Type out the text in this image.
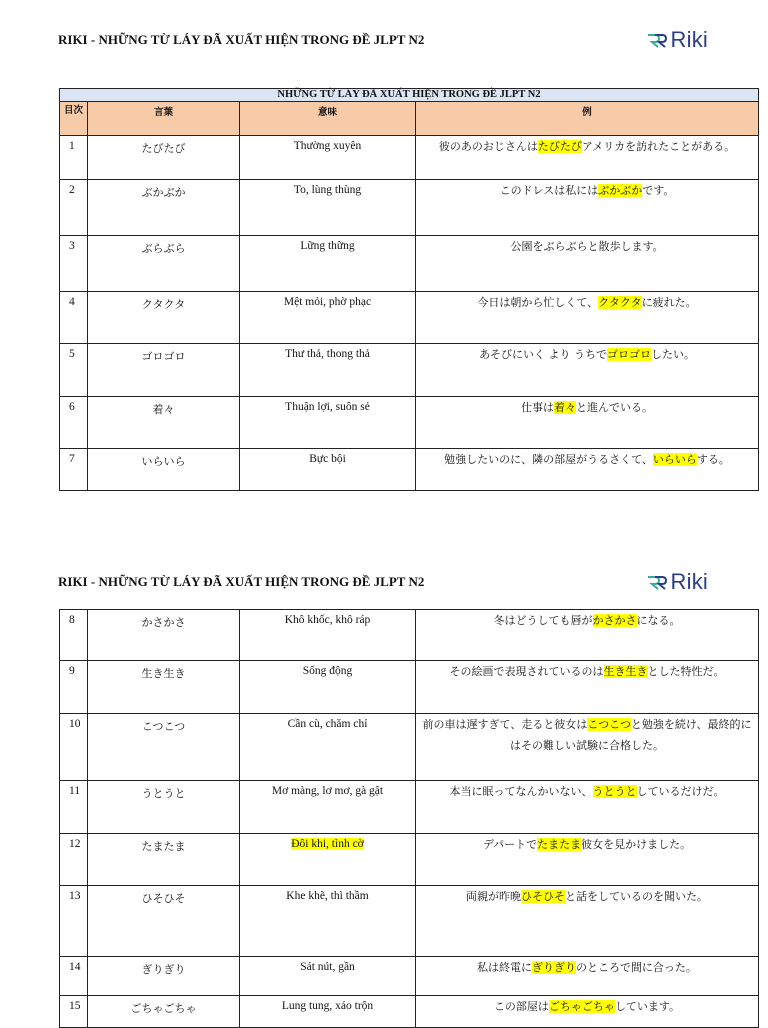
RIKI - NHỮNG TỪ LÁY ĐÃ XUẤT HIỆN TRONG ĐỀ JLPT N2	Riki
NHỮNG TỪ LÁY ĐÃ XUẤT HIỆN TRONG ĐỀ JLPT N2			
目次	言葉	意味	例
1	たびたび	Thường xuyên	彼のあのおじさんはたびたびアメリカを訪れたことがある。

2	ぶかぶか	To, lùng thùng	このドレスは私にはぶかぶかです。

3	ぶらぶら	Lững thững	公園をぶらぶらと散歩します。

4	クタクタ	Mệt mỏi, phờ phạc	今日は朝から忙しくて、クタクタに疲れた。

5	ゴロゴロ	Thư thả, thong thả	あそびにいく より うちでゴロゴロしたい。

6	着々	Thuận lợi, suôn sẻ	仕事は着々と進んでいる。

7	いらいら	Bực bội	勉強したいのに、隣の部屋がうるさくて、いらいらする。
RIKI - NHỮNG TỪ LÁY ĐÃ XUẤT HIỆN TRONG ĐỀ JLPT N2	Riki
8	かさかさ	Khô khốc, khô ráp	冬はどうしても唇がかさかさになる。

9	生き生き	Sống động	その絵画で表現されているのは生き生きとした特性だ。

10	こつこつ	Cần cù, chăm chỉ	前の車は遅すぎて、走ると彼女はこつこつと勉強を続け、最終的にはその難しい試験に合格した。

11	うとうと	Mơ màng, lơ mơ, gà gật	本当に眠ってなんかいない、うとうとしているだけだ。

12	たまたま	Đôi khi, tình cờ	デパートでたまたま彼女を見かけました。

13	ひそひそ	Khe khẽ, thì thầm	両親が昨晩ひそひそと話をしているのを聞いた。

14	ぎりぎり	Sát nút, gần	私は終電にぎりぎりのところで間に合った。

15	ごちゃごちゃ	Lung tung, xáo trộn	この部屋はごちゃごちゃしています。
